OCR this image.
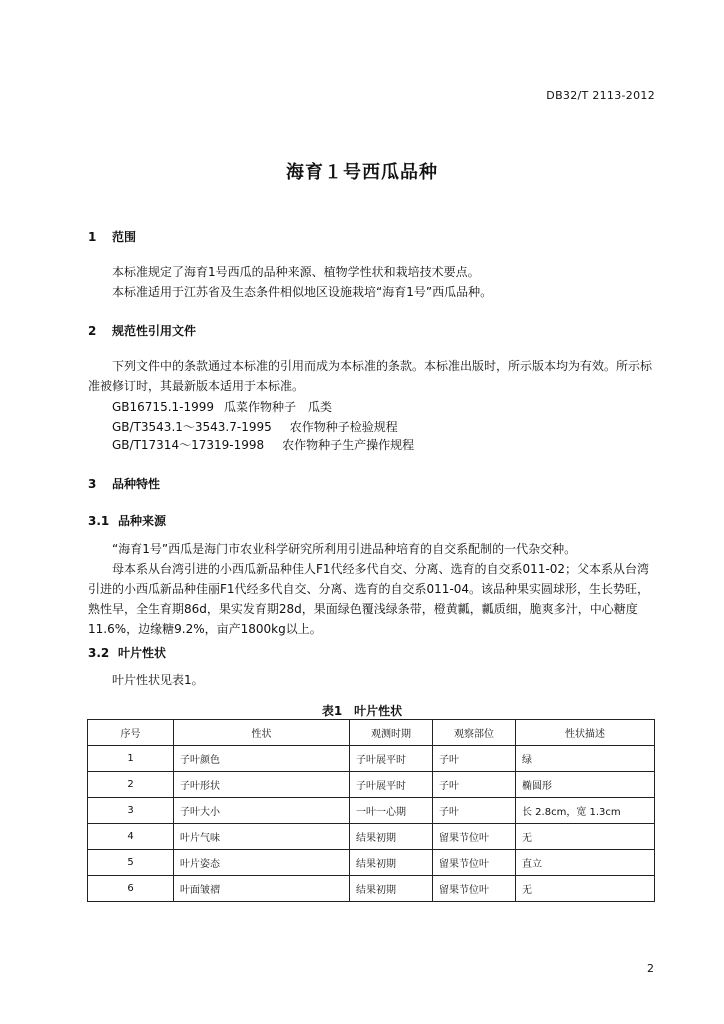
DB32/T 2113-2012
海育１号西瓜品种
1 范围
本标准规定了海育1号西瓜的品种来源、植物学性状和栽培技术要点。
本标准适用于江苏省及生态条件相似地区设施栽培“海育1号”西瓜品种。
2 规范性引用文件
下列文件中的条款通过本标准的引用而成为本标准的条款。本标准出版时，所示版本均为有效。所示标准被修订时，其最新版本适用于本标准。
GB16715.1-1999 瓜菜作物种子　瓜类
GB/T3543.1～3543.7-1995 农作物种子检验规程
GB/T17314～17319-1998 农作物种子生产操作规程
3 品种特性
3.1 品种来源
“海育1号”西瓜是海门市农业科学研究所利用引进品种培育的自交系配制的一代杂交种。
母本系从台湾引进的小西瓜新品种佳人F1代经多代自交、分离、选育的自交系011-02；父本系从台湾引进的小西瓜新品种佳丽F1代经多代自交、分离、选育的自交系011-04。该品种果实圆球形，生长势旺，熟性早，全生育期86d，果实发育期28d，果面绿色覆浅绿条带，橙黄瓤，瓤质细，脆爽多汁，中心糖度11.6%，边缘糖9.2%，亩产1800kg以上。
3.2 叶片性状
叶片性状见表1。
表1　叶片性状
序号	性状	观测时期	观察部位	性状描述
1	子叶颜色	子叶展平时	子叶	绿
2	子叶形状	子叶展平时	子叶	椭圆形
3	子叶大小	一叶一心期	子叶	长 2.8cm，宽 1.3cm
4	叶片气味	结果初期	留果节位叶	无
5	叶片姿态	结果初期	留果节位叶	直立
6	叶面皱褶	结果初期	留果节位叶	无
2
